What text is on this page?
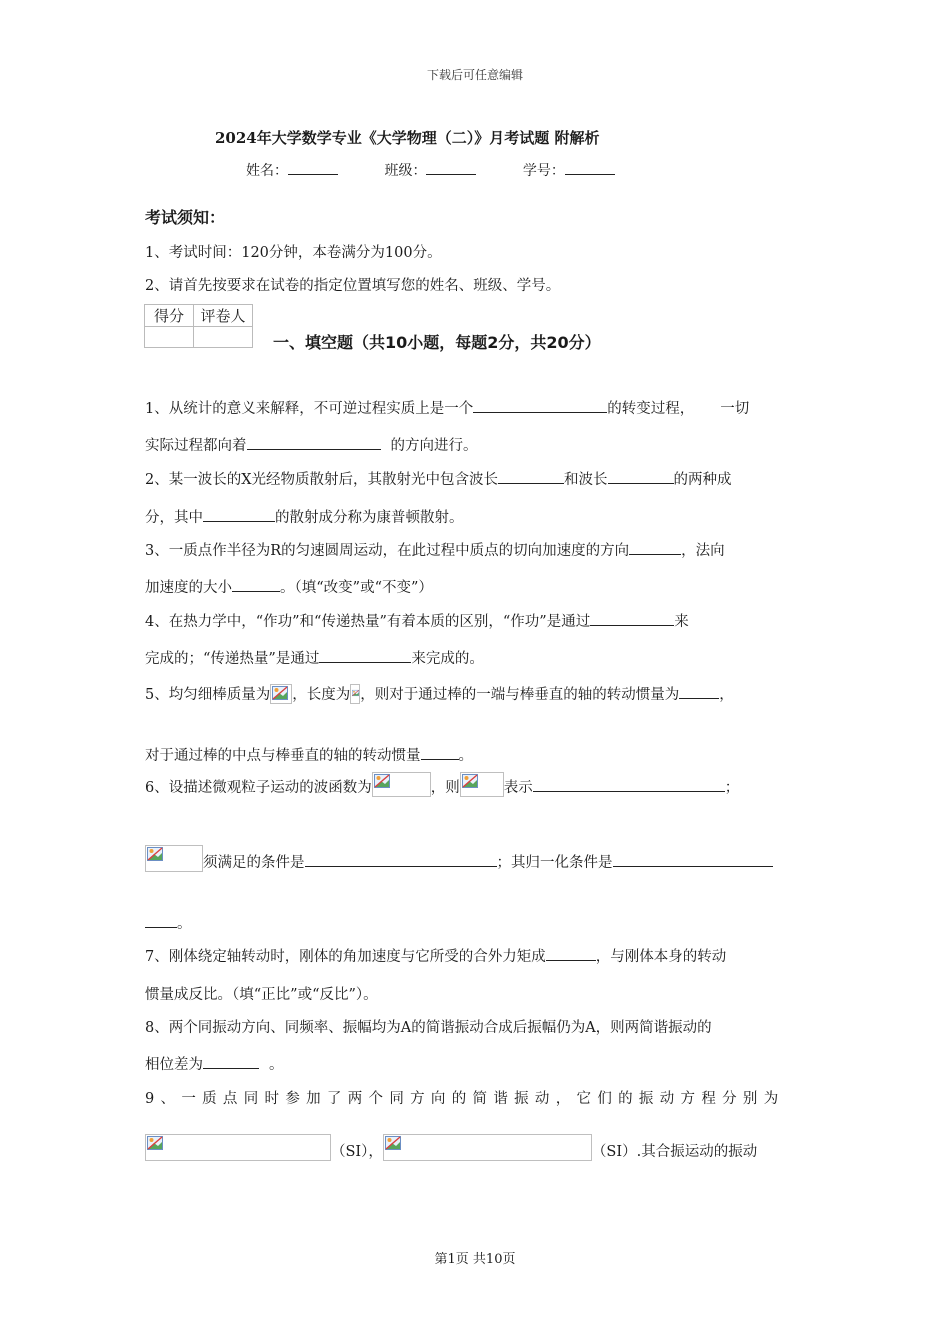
下载后可任意编辑
2024年大学数学专业《大学物理（二）》月考试题 附解析
姓名：	班级：	学号：
考试须知：
1、考试时间：120分钟，本卷满分为100分。
2、请首先按要求在试卷的指定位置填写您的姓名、班级、学号。
得分	评卷人

一、填空题（共10小题，每题2分，共20分）
1、从统计的意义来解释，不可逆过程实质上是一个	的转变过程， 一切
实际过程都向着	的方向进行。
2、某一波长的X光经物质散射后，其散射光中包含波长	和波长	的两种成
分，其中	的散射成分称为康普顿散射。
3、一质点作半径为R的匀速圆周运动，在此过程中质点的切向加速度的方向	，法向
加速度的大小	。（填“改变”或“不变”）
4、在热力学中，“作功”和“传递热量”有着本质的区别，“作功”是通过	来
完成的；“传递热量”是通过	来完成的。
5、均匀细棒质量为 ，长度为 ，则对于通过棒的一端与棒垂直的轴的转动惯量为	，
对于通过棒的中点与棒垂直的轴的转动惯量	。
6、设描述微观粒子运动的波函数为	，则	表示	；
须满足的条件是	；其归一化条件是
。
7、刚体绕定轴转动时，刚体的角加速度与它所受的合外力矩成	，与刚体本身的转动
惯量成反比。（填“正比”或“反比”）。
8、两个同振动方向、同频率、振幅均为A的简谐振动合成后振幅仍为A，则两简谐振动的
相位差为	。
9、一质点同时参加了两个同方向的简谐振动，它们的振动方程分别为
（SI），	（SI）.其合振运动的振动
第1页 共10页
